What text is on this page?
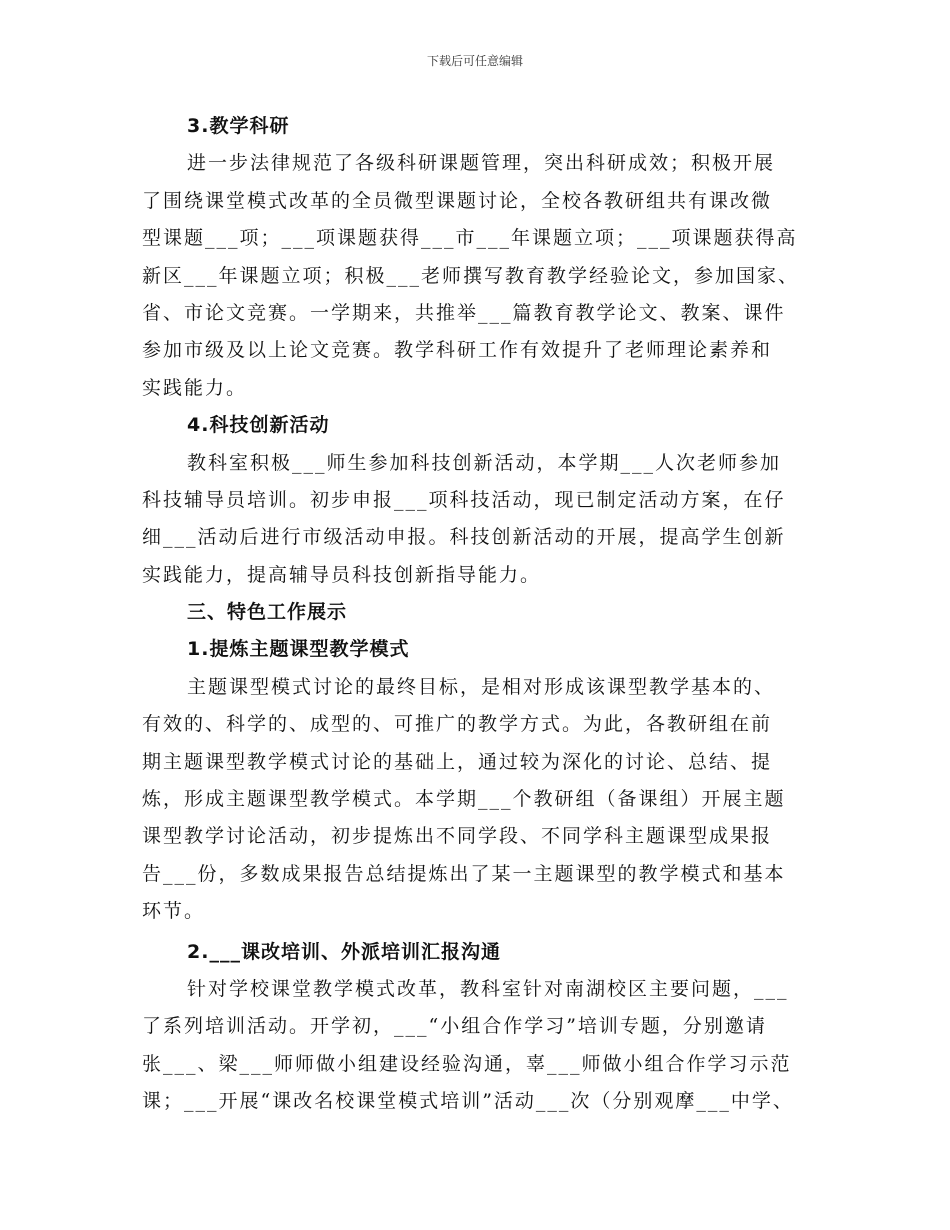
下载后可任意编辑
3.教学科研
进一步法律规范了各级科研课题管理，突出科研成效；积极开展
了围绕课堂模式改革的全员微型课题讨论，全校各教研组共有课改微
型课题___项；___项课题获得___市___年课题立项；___项课题获得高
新区___年课题立项；积极___老师撰写教育教学经验论文，参加国家、
省、市论文竞赛。一学期来，共推举___篇教育教学论文、教案、课件
参加市级及以上论文竞赛。教学科研工作有效提升了老师理论素养和
实践能力。
4.科技创新活动
教科室积极___师生参加科技创新活动，本学期___人次老师参加
科技辅导员培训。初步申报___项科技活动，现已制定活动方案，在仔
细___活动后进行市级活动申报。科技创新活动的开展，提高学生创新
实践能力，提高辅导员科技创新指导能力。
三、特色工作展示
1.提炼主题课型教学模式
主题课型模式讨论的最终目标，是相对形成该课型教学基本的、
有效的、科学的、成型的、可推广的教学方式。为此，各教研组在前
期主题课型教学模式讨论的基础上，通过较为深化的讨论、总结、提
炼，形成主题课型教学模式。本学期___个教研组（备课组）开展主题
课型教学讨论活动，初步提炼出不同学段、不同学科主题课型成果报
告___份，多数成果报告总结提炼出了某一主题课型的教学模式和基本
环节。
2.___课改培训、外派培训汇报沟通
针对学校课堂教学模式改革，教科室针对南湖校区主要问题，___
了系列培训活动。开学初，___“小组合作学习”培训专题，分别邀请
张___、梁___师师做小组建设经验沟通，辜___师做小组合作学习示范
课；___开展“课改名校课堂模式培训”活动___次（分别观摩___中学、
